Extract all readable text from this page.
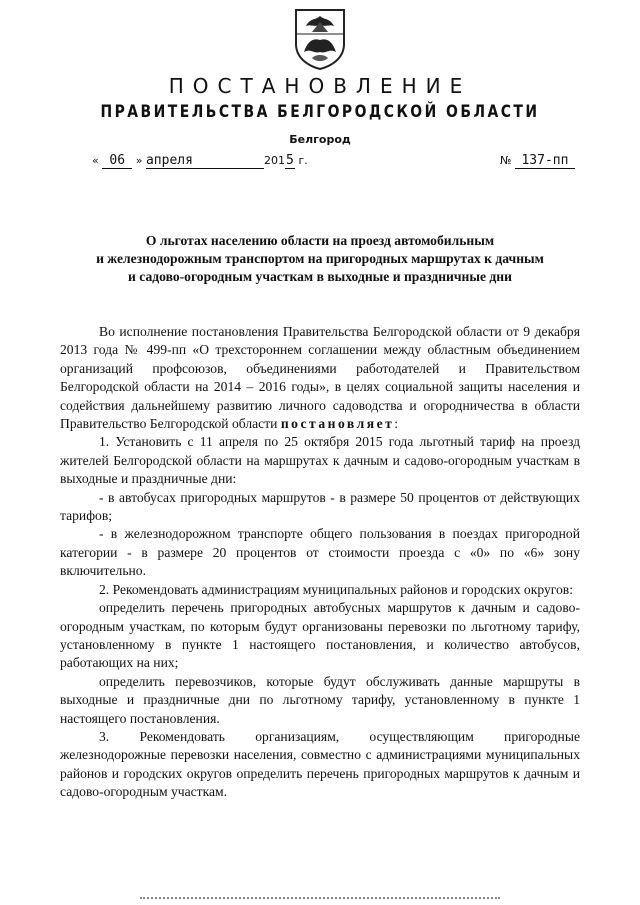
ПОСТАНОВЛЕНИЕ
ПРАВИТЕЛЬСТВА БЕЛГОРОДСКОЙ ОБЛАСТИ
Белгород
« 06 » апреля	2015 г.	№ 137-пп
О льготах населению области на проезд автомобильным
и железнодорожным транспортом на пригородных маршрутах к дачным
и садово-огородным участкам в выходные и праздничные дни

Во исполнение постановления Правительства Белгородской области от 9 декабря 2013 года № 499-пп «О трехстороннем соглашении между областным объединением организаций профсоюзов, объединениями работодателей и Правительством Белгородской области на 2014 – 2016 годы», в целях социальной защиты населения и содействия дальнейшему развитию личного садоводства и огородничества в области Правительство Белгородской области постановляет:

1. Установить с 11 апреля по 25 октября 2015 года льготный тариф на проезд жителей Белгородской области на маршрутах к дачным и садово-огородным участкам в выходные и праздничные дни:

- в автобусах пригородных маршрутов - в размере 50 процентов от действующих тарифов;

- в железнодорожном транспорте общего пользования в поездах пригородной категории - в размере 20 процентов от стоимости проезда с «0» по «6» зону включительно.

2. Рекомендовать администрациям муниципальных районов и городских округов:

определить перечень пригородных автобусных маршрутов к дачным и садово-огородным участкам, по которым будут организованы перевозки по льготному тарифу, установленному в пункте 1 настоящего постановления, и количество автобусов, работающих на них;

определить перевозчиков, которые будут обслуживать данные маршруты в выходные и праздничные дни по льготному тарифу, установленному в пункте 1 настоящего постановления.

3. Рекомендовать организациям, осуществляющим пригородные железнодорожные перевозки населения, совместно с администрациями муниципальных районов и городских округов определить перечень пригородных маршрутов к дачным и садово-огородным участкам.
